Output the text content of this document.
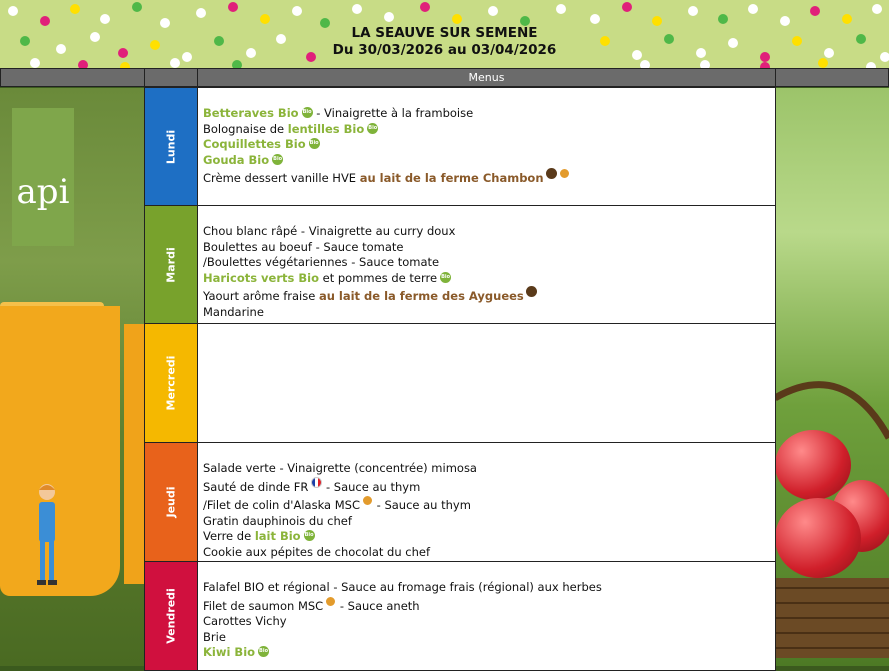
LA SEAUVE SUR SEMENE
Du 30/03/2026 au 03/04/2026
Menus
api
Lundi
Betteraves Bio Bio - Vinaigrette à la framboise
Bolognaise de lentilles Bio Bio
Coquillettes Bio Bio
Gouda Bio Bio
Crème dessert vanille HVE au lait de la ferme Chambon
Mardi
Chou blanc râpé - Vinaigrette au curry doux
Boulettes au boeuf - Sauce tomate
/Boulettes végétariennes - Sauce tomate
Haricots verts Bio et pommes de terre Bio
Yaourt arôme fraise au lait de la ferme des Ayguees
Mandarine
Mercredi
Jeudi
Salade verte - Vinaigrette (concentrée) mimosa
Sauté de dinde FR - Sauce au thym
/Filet de colin d'Alaska MSC - Sauce au thym
Gratin dauphinois du chef
Verre de lait Bio Bio
Cookie aux pépites de chocolat du chef
Vendredi
Falafel BIO et régional - Sauce au fromage frais (régional) aux herbes
Filet de saumon MSC - Sauce aneth
Carottes Vichy
Brie
Kiwi Bio Bio
